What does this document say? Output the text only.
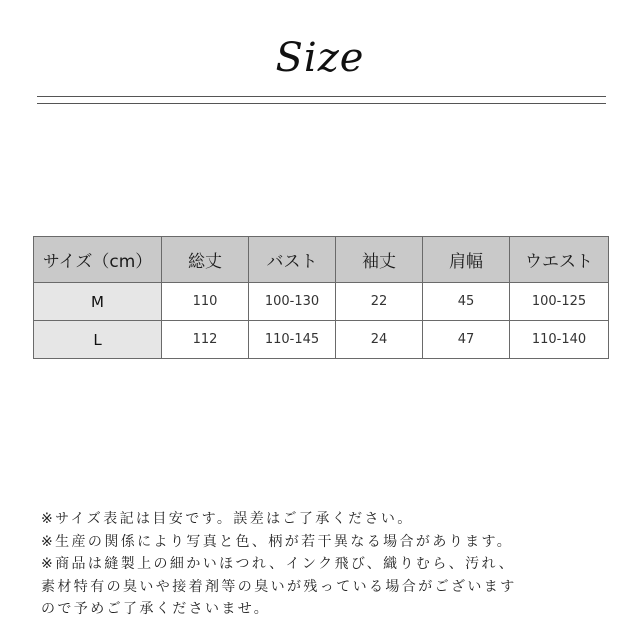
Size
サイズ（cm）	総丈	バスト	袖丈	肩幅	ウエスト
M	110	100-130	22	45	100-125
L	112	110-145	24	47	110-140

※サイズ表記は目安です。誤差はご了承ください。

※生産の関係により写真と色、柄が若干異なる場合があります。

※商品は縫製上の細かいほつれ、インク飛び、織りむら、汚れ、

素材特有の臭いや接着剤等の臭いが残っている場合がございます

ので予めご了承くださいませ。
